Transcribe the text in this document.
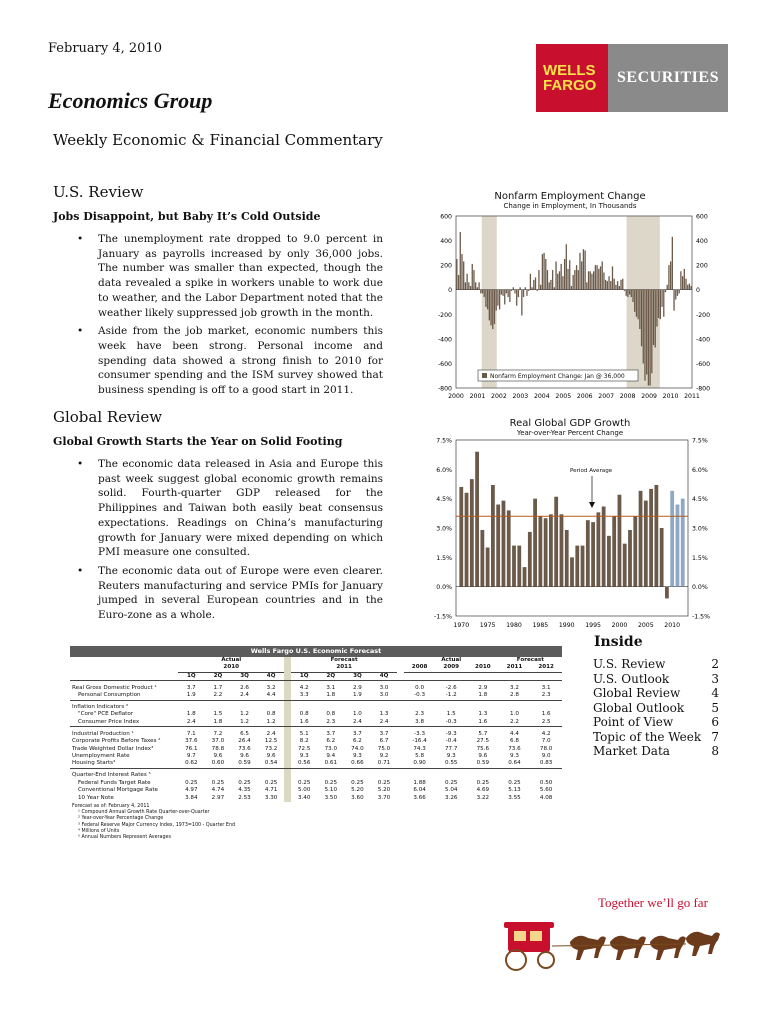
February 4, 2010
Economics Group
Weekly Economic & Financial Commentary
WELLS
FARGO	SECURITIES
U.S. Review
Jobs Disappoint, but Baby It’s Cold Outside
• The unemployment rate dropped to 9.0 percent in January as payrolls increased by only 36,000 jobs. The number was smaller than expected, though the data revealed a spike in workers unable to work due to weather, and the Labor Department noted that the weather likely suppressed job growth in the month.
• Aside from the job market, economic numbers this week have been strong. Personal income and spending data showed a strong finish to 2010 for consumer spending and the ISM survey showed that business spending is off to a good start in 2011.
Global Review
Global Growth Starts the Year on Solid Footing
• The economic data released in Asia and Europe this past week suggest global economic growth remains solid. Fourth-quarter GDP released for the Philippines and Taiwan both easily beat consensus expectations. Readings on China’s manufacturing growth for January were mixed depending on which PMI measure one consulted.
• The economic data out of Europe were even clearer. Reuters manufacturing and service PMIs for January jumped in several European countries and in the Euro-zone as a whole.
Nonfarm Employment Change
Change in Employment, In Thousands
600	600
400	400
200	200
0	0
-200	-200
-400	-400
-600	-600
-800	-800
2000 2001 2002 2003 2004 2005 2006 2007 2008 2009 2010 2011
Nonfarm Employment Change: Jan @ 36,000
Real Global GDP Growth
Year-over-Year Percent Change
7.5%	7.5%
6.0%	6.0%
4.5%	4.5%
3.0%	3.0%
1.5%	1.5%
0.0%	0.0%
-1.5%	-1.5%
1970 1975 1980 1985 1990 1995 2000 2005 2010
Period Average
Wells Fargo U.S. Economic Forecast
	Actual					Forecast					Actual			Forecast	
	2010					2011					2008	2009	2010	2011	2012
	1Q	2Q	3Q	4Q		1Q	2Q	3Q	4Q						

Real Gross Domestic Product ¹	3.7	1.7	2.6	3.2		4.2	3.1	2.9	3.0		0.0	-2.6	2.9	3.2	3.1
Personal Consumption	1.9	2.2	2.4	4.4		3.3	1.8	1.9	3.0		-0.3	-1.2	1.8	2.8	2.3

Inflation Indicators ²															
"Core" PCE Deflator	1.8	1.5	1.2	0.8		0.8	0.8	1.0	1.3		2.3	1.5	1.3	1.0	1.6
Consumer Price Index	2.4	1.8	1.2	1.2		1.6	2.3	2.4	2.4		3.8	-0.3	1.6	2.2	2.5

Industrial Production ¹	7.1	7.2	6.5	2.4		5.1	3.7	3.7	3.7		-3.3	-9.3	5.7	4.4	4.2
Corporate Profits Before Taxes ²	37.6	37.0	26.4	12.5		8.2	6.2	6.2	6.7		-16.4	-0.4	27.5	6.8	7.0
Trade Weighted Dollar Index³	76.1	78.8	73.6	73.2		72.5	73.0	74.0	75.0		74.3	77.7	75.6	73.6	78.0
Unemployment Rate	9.7	9.6	9.6	9.6		9.3	9.4	9.3	9.2		5.8	9.3	9.6	9.3	9.0
Housing Starts⁴	0.62	0.60	0.59	0.54		0.56	0.61	0.66	0.71		0.90	0.55	0.59	0.64	0.83

Quarter-End Interest Rates ⁵															
Federal Funds Target Rate	0.25	0.25	0.25	0.25		0.25	0.25	0.25	0.25		1.88	0.25	0.25	0.25	0.50
Conventional Mortgage Rate	4.97	4.74	4.35	4.71		5.00	5.10	5.20	5.20		6.04	5.04	4.69	5.13	5.60
10 Year Note	3.84	2.97	2.53	3.30		3.40	3.50	3.60	3.70		3.66	3.26	3.22	3.55	4.08
Forecast as of: February 4, 2011
¹ Compound Annual Growth Rate Quarter-over-Quarter
² Year-over-Year Percentage Change
³ Federal Reserve Major Currency Index, 1973=100 - Quarter End
⁴ Millions of Units
⁵ Annual Numbers Represent Averages
Inside
U.S. Review	2
U.S. Outlook	3
Global Review	4
Global Outlook 5
Point of View	6
Topic of the Week 7
Market Data	8
Together we’ll go far
